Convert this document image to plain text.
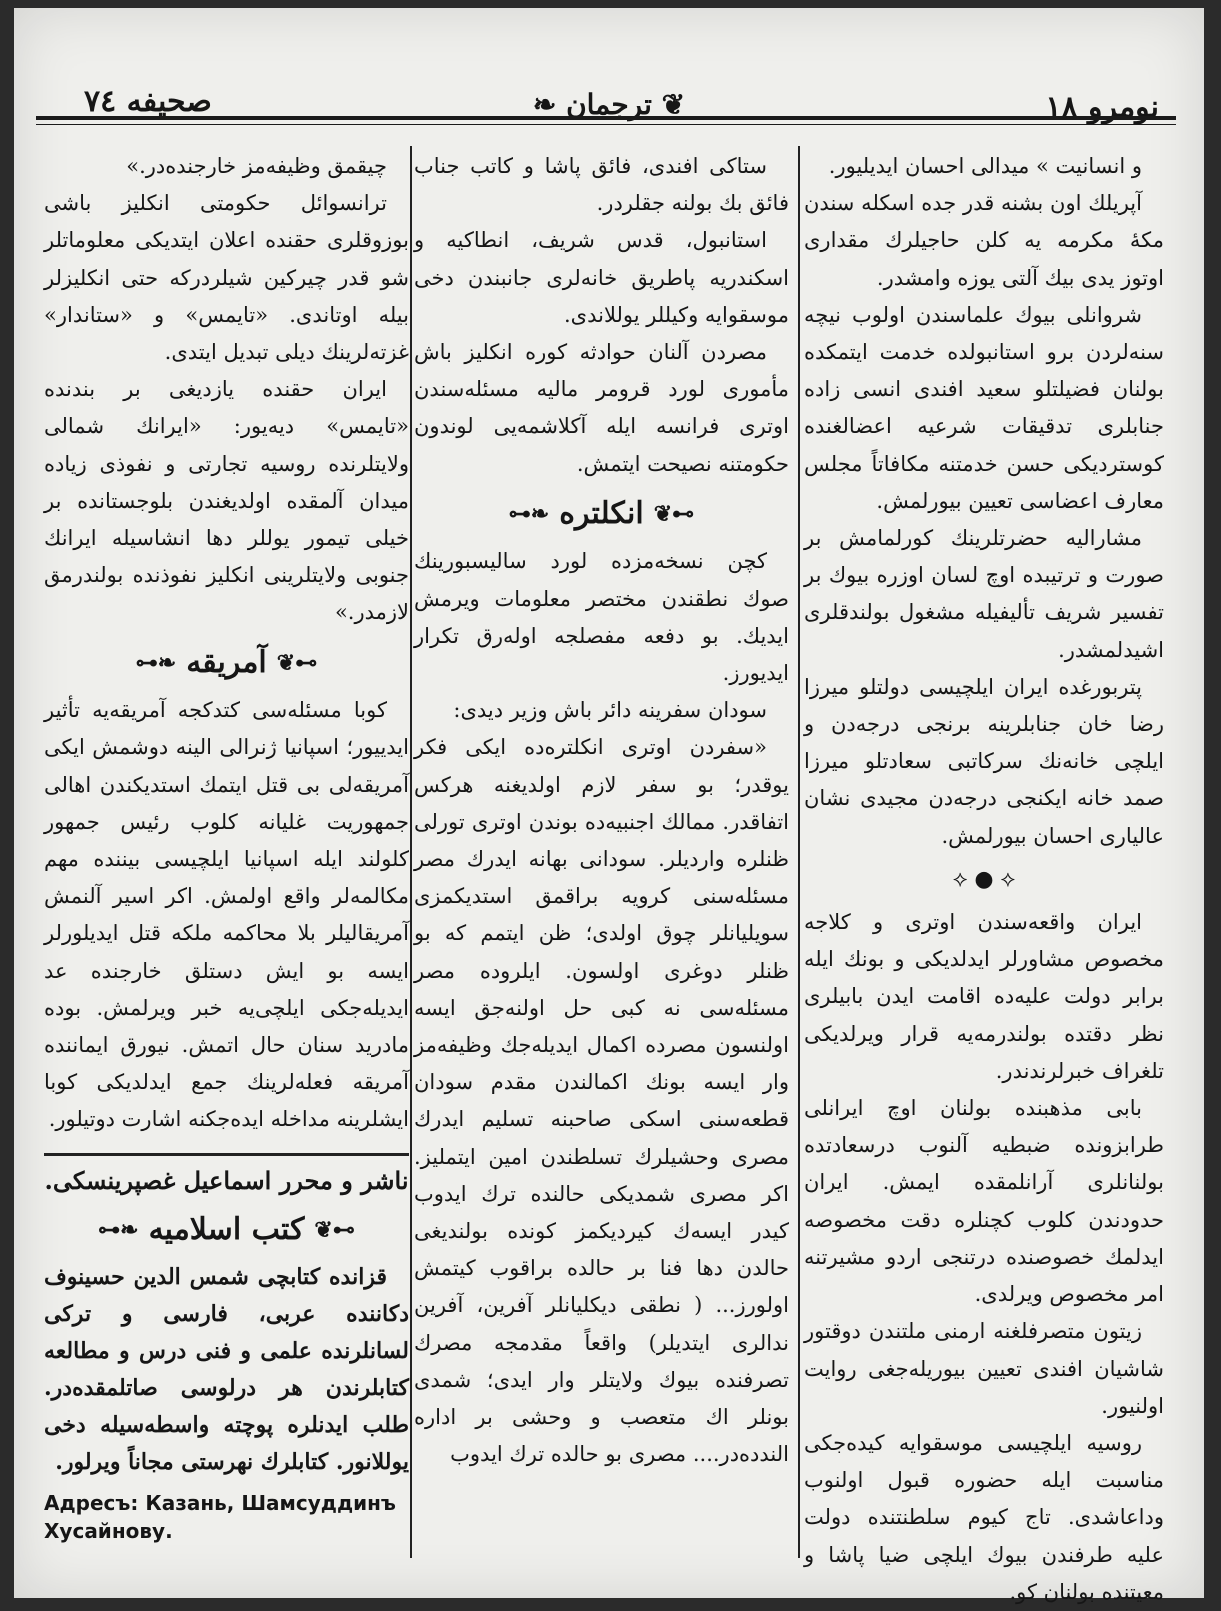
نومرو ١٨
❦ ترجمان ❧
صحیفه ٧٤

و انسانیت » میدالی احسان ایدیلیور.

آپریلك اون بشنه قدر جده اسکله سندن مکهٔ مکرمه یه کلن حاجیلرك مقداری اوتوز یدی بیك آلتی یوزه وامشدر.

شروانلی بیوك علماسندن اولوب نیچه سنه‌لردن برو استانبولده خدمت ایتمکده بولنان فضیلتلو سعید افندی انسی زاده جنابلری تدقیقات شرعیه اعضالغنده کوستردیکی حسن خدمتنه مکافاتاً مجلس معارف اعضاسی تعیین بیورلمش.

مشارالیه حضرتلرینك کورلمامش بر صورت و ترتیبده اوچ لسان اوزره بیوك بر تفسیر شریف تألیفیله مشغول بولندقلری اشیدلمشدر.

پتربورغده ایران ایلچیسی دولتلو میرزا رضا خان جنابلرینه برنجی درجه‌دن و ایلچی خانه‌نك سرکاتبی سعادتلو میرزا صمد خانه ایکنجی درجه‌دن مجیدی نشان عالیاری احسان بیورلمش.

⟡ ● ⟡

ایران واقعه‌سندن اوتری و کلاجه مخصوص مشاورلر ایدلدیکی و بونك ایله برابر دولت علیه‌ده اقامت ایدن بابیلری نظر دقتده بولندرمه‌یه قرار ویرلدیکی تلغراف خبرلرندندر.

بابی مذهبنده بولنان اوچ ایرانلی طرابزونده ضبطیه آلنوب درسعادتده بولنانلری آرانلمقده ایمش. ایران حدودندن کلوب کچنلره دقت مخصوصه ایدلمك خصوصنده درتنجی اردو مشیرتنه امر مخصوص ویرلدی.

زیتون متصرفلغنه ارمنی ملتندن دوقتور شاشیان افندی تعیین بیوریله‌جغی روایت اولنیور.

روسیه ایلچیسی موسقوایه کیده‌جکی مناسبت ایله حضوره قبول اولنوب وداعاشدی. تاج کیوم سلطنتنده دولت علیه طرفندن بیوك ایلچی ضیا پاشا و معیتنده بولنان کو.

ستاکی افندی، فائق پاشا و کاتب جناب فائق بك بولنه جقلردر.

استانبول، قدس شریف، انطاکیه و اسکندریه پاطریق خانه‌لری جانبندن دخی موسقوایه وکیللر یوللاندی.

مصردن آلنان حوادثه کوره انکلیز باش مأموری لورد قرومر مالیه مسئله‌سندن اوتری فرانسه ایله آکلاشمه‌یی لوندون حکومتنه نصیحت ایتمش.

⊶❦انکلتره❧⊷

کچن نسخه‌مزده لورد سالیسبورینك صوك نطقندن مختصر معلومات ویرمش ایدیك. بو دفعه مفصلجه اوله‌رق تکرار ایدیورز.

سودان سفرینه دائر باش وزیر دیدی:

«سفردن اوتری انکلتره‌ده ایکی فکر یوقدر؛ بو سفر لازم اولدیغنه هرکس اتفاقدر. ممالك اجنبیه‌ده بوندن اوتری تورلی ظنلره واردیلر. سودانی بهانه ایدرك مصر مسئله‌سنی کرویه براقمق استدیکمزی سویلیانلر چوق اولدی؛ ظن ایتمم که بو ظنلر دوغری اولسون. ایلروده مصر مسئله‌سی نه کبی حل اولنه‌جق ایسه اولنسون مصرده اکمال ایدیله‌جك وظیفه‌مز وار ایسه بونك اکمالندن مقدم سودان قطعه‌سنی اسکی صاحبنه تسلیم ایدرك مصری وحشیلرك تسلطندن امین ایتملیز. اکر مصری شمدیکی حالنده ترك ایدوب کیدر ایسه‌ك کیردیکمز کونده بولندیغی حالدن دها فنا بر حالده براقوب کیتمش اولورز... ( نطقی دیکلیانلر آفرین، آفرین ندالری ایتدیلر) واقعاً مقدمجه مصرك تصرفنده بیوك ولایتلر وار ایدی؛ شمدی بونلر اك متعصب و وحشی بر اداره الندده‌در.... مصری بو حالده ترك ایدوب

چیقمق وظیفه‌مز خارجنده‌در.»

ترانسوائل حکومتی انکلیز باشی بوزوقلری حقنده اعلان ایتدیکی معلوماتلر شو قدر چیرکین شیلردرکه حتی انکلیزلر بیله اوتاندی. «تایمس» و «ستاندار» غزته‌لرینك دیلی تبدیل ایتدی.

ایران حقنده یازدیغی بر بندنده «تایمس» دیه‌یور: «ایرانك شمالی ولایتلرنده روسیه تجارتی و نفوذی زیاده میدان آلمقده اولدیغندن بلوجستانده بر خیلی تیمور یوللر دها انشاسیله ایرانك جنوبی ولایتلرینی انکلیز نفوذنده بولندرمق لازمدر.»

⊶❦آمریقه❧⊷

کوبا مسئله‌سی کتدکجه آمریقه‌یه تأثیر ایدییور؛ اسپانیا ژنرالی الینه دوشمش ایکی آمریقه‌لی بی قتل ایتمك استدیکندن اهالی جمهوریت غلیانه کلوب رئیس جمهور کلولند ایله اسپانیا ایلچیسی بیننده مهم مکالمه‌لر واقع اولمش. اکر اسیر آلنمش آمریقالیلر بلا محاکمه ملکه قتل ایدیلورلر ایسه بو ایش دستلق خارجنده عد ایدیله‌جکی ایلچی‌یه خبر ویرلمش. بوده مادرید سنان حال اتمش. نیورق ایماننده آمریقه فعله‌لرینك جمع ایدلدیکی کوبا ایشلرینه مداخله ایده‌جکنه اشارت دوتیلور.

ناشر و محرر اسماعیل غصپرینسکی.
⊶❦کتب اسلامیه❧⊷

قزانده کتابچی شمس الدین حسینوف دکاننده عربی، فارسی و ترکی لسانلرنده علمی و فنی درس و مطالعه کتابلرندن هر درلوسی صاتلمقده‌در. طلب ایدنلره پوچته واسطه‌سیله دخی یوللانور. کتابلرك نهرستی مجاناً ویرلور.

Адресъ: Казань, Шамсуддинъ Хусайнову.
